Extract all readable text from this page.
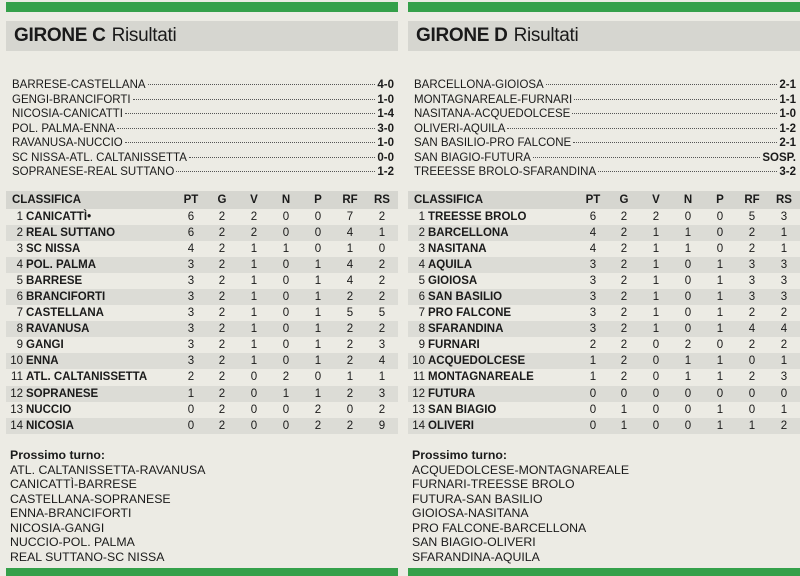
GIRONE C Risultati
BARRESE-CASTELLANA	4-0
GENGI-BRANCIFORTI	1-0
NICOSIA-CANICATTÌ	1-4
POL. PALMA-ENNA	3-0
RAVANUSA-NUCCIO	1-0
SC NISSA-ATL. CALTANISSETTA	0-0
SOPRANESE-REAL SUTTANO	1-2
CLASSIFICA	PT	G	V	N	P	RF	RS
1 CANICATTÌ•	6	2	2	0	0	7	2
2 REAL SUTTANO	6	2	2	0	0	4	1
3 SC NISSA	4	2	1	1	0	1	0
4 POL. PALMA	3	2	1	0	1	4	2
5 BARRESE	3	2	1	0	1	4	2
6 BRANCIFORTI	3	2	1	0	1	2	2
7 CASTELLANA	3	2	1	0	1	5	5
8 RAVANUSA	3	2	1	0	1	2	2
9 GANGI	3	2	1	0	1	2	3
10 ENNA	3	2	1	0	1	2	4
11 ATL. CALTANISSETTA	2	2	0	2	0	1	1
12 SOPRANESE	1	2	0	1	1	2	3
13 NUCCIO	0	2	0	0	2	0	2
14 NICOSIA	0	2	0	0	2	2	9
Prossimo turno:
ATL. CALTANISSETTA-RAVANUSA
CANICATTÌ-BARRESE
CASTELLANA-SOPRANESE
ENNA-BRANCIFORTI
NICOSIA-GANGI
NUCCIO-POL. PALMA
REAL SUTTANO-SC NISSA
GIRONE D Risultati
BARCELLONA-GIOIOSA	2-1
MONTAGNAREALE-FURNARI	1-1
NASITANA-ACQUEDOLCESE	1-0
OLIVERI-AQUILA	1-2
SAN BASILIO-PRO FALCONE	2-1
SAN BIAGIO-FUTURA	SOSP.
TREEESSE BROLO-SFARANDINA	3-2
CLASSIFICA	PT	G	V	N	P	RF	RS
1 TREESSE BROLO	6	2	2	0	0	5	3
2 BARCELLONA	4	2	1	1	0	2	1
3 NASITANA	4	2	1	1	0	2	1
4 AQUILA	3	2	1	0	1	3	3
5 GIOIOSA	3	2	1	0	1	3	3
6 SAN BASILIO	3	2	1	0	1	3	3
7 PRO FALCONE	3	2	1	0	1	2	2
8 SFARANDINA	3	2	1	0	1	4	4
9 FURNARI	2	2	0	2	0	2	2
10 ACQUEDOLCESE	1	2	0	1	1	0	1
11 MONTAGNAREALE	1	2	0	1	1	2	3
12 FUTURA	0	0	0	0	0	0	0
13 SAN BIAGIO	0	1	0	0	1	0	1
14 OLIVERI	0	1	0	0	1	1	2
Prossimo turno:
ACQUEDOLCESE-MONTAGNAREALE
FURNARI-TREESSE BROLO
FUTURA-SAN BASILIO
GIOIOSA-NASITANA
PRO FALCONE-BARCELLONA
SAN BIAGIO-OLIVERI
SFARANDINA-AQUILA
